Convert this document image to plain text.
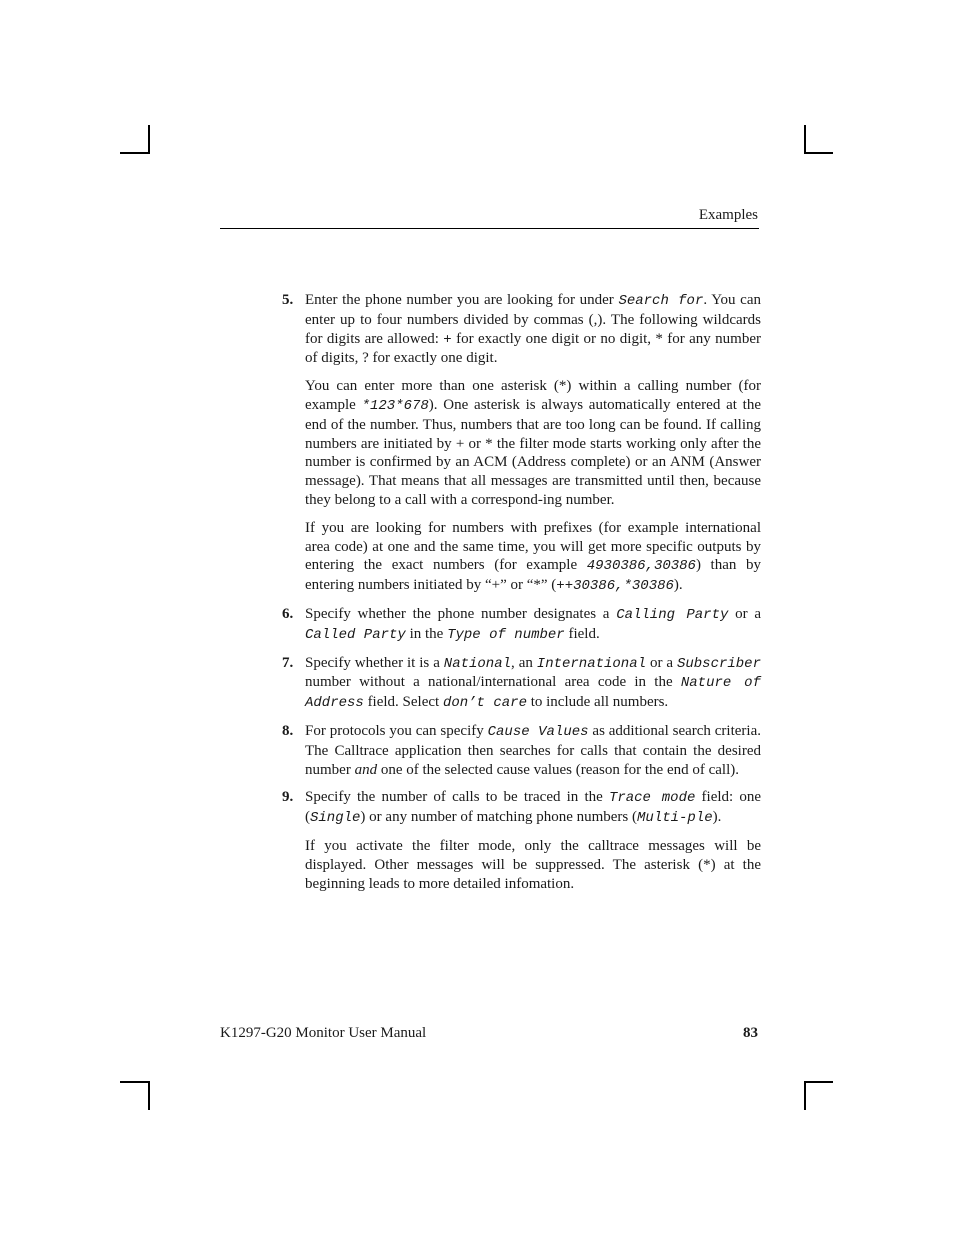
Examples
5. Enter the phone number you are looking for under Search for. You can enter up to four numbers divided by commas (,). The following wildcards for digits are allowed: + for exactly one digit or no digit, * for any number of digits, ? for exactly one digit.

You can enter more than one asterisk (*) within a calling number (for example *123*678). One asterisk is always automatically entered at the end of the number. Thus, numbers that are too long can be found. If calling numbers are initiated by + or * the filter mode starts working only after the number is confirmed by an ACM (Address complete) or an ANM (Answer message). That means that all messages are transmitted until then, because they belong to a call with a correspond-ing number.

If you are looking for numbers with prefixes (for example international area code) at one and the same time, you will get more specific outputs by entering the exact numbers (for example 4930386,30386) than by entering numbers initiated by “+” or “*” (++30386,*30386).

6. Specify whether the phone number designates a Calling Party or a Called Party in the Type of number field.

7. Specify whether it is a National, an International or a Subscriber number without a national/international area code in the Nature of Address field. Select don’t care to include all numbers.

8. For protocols you can specify Cause Values as additional search criteria. The Calltrace application then searches for calls that contain the desired number and one of the selected cause values (reason for the end of call).

9. Specify the number of calls to be traced in the Trace mode field: one (Single) or any number of matching phone numbers (Multi-ple).

If you activate the filter mode, only the calltrace messages will be displayed. Other messages will be suppressed. The asterisk (*) at the beginning leads to more detailed infomation.

K1297-G20 Monitor User Manual	83
